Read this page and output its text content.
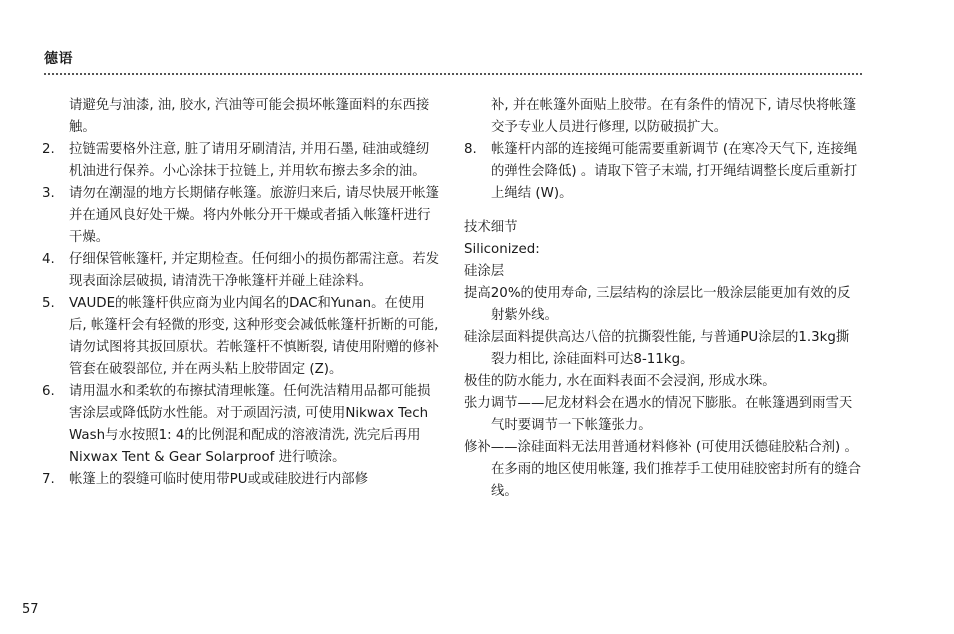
德语
请避免与油漆, 油, 胶水, 汽油等可能会损坏帐篷面料的东西接触。
2. 拉链需要格外注意, 脏了请用牙刷清洁, 并用石墨, 硅油或缝纫机油进行保养。小心涂抹于拉链上, 并用软布擦去多余的油。
3. 请勿在潮湿的地方长期储存帐篷。旅游归来后, 请尽快展开帐篷并在通风良好处干燥。将内外帐分开干燥或者插入帐篷杆进行干燥。
4. 仔细保管帐篷杆, 并定期检查。任何细小的损伤都需注意。若发现表面涂层破损, 请清洗干净帐篷杆并碰上硅涂料。
5. VAUDE的帐篷杆供应商为业内闻名的DAC和Yunan。在使用后, 帐篷杆会有轻微的形变, 这种形变会减低帐篷杆折断的可能, 请勿试图将其扳回原状。若帐篷杆不慎断裂, 请使用附赠的修补管套在破裂部位, 并在两头粘上胶带固定 (Z)。
6. 请用温水和柔软的布擦拭清理帐篷。任何洗洁精用品都可能损害涂层或降低防水性能。对于顽固污渍, 可使用Nikwax Tech Wash与水按照1: 4的比例混和配成的溶液清洗, 洗完后再用Nixwax Tent & Gear Solarproof 进行喷涂。
7. 帐篷上的裂缝可临时使用带PU或或硅胶进行内部修
补, 并在帐篷外面贴上胶带。在有条件的情况下, 请尽快将帐篷交予专业人员进行修理, 以防破损扩大。
8. 帐篷杆内部的连接绳可能需要重新调节 (在寒冷天气下, 连接绳的弹性会降低) 。请取下管子末端, 打开绳结调整长度后重新打上绳结 (W)。
技术细节
Siliconized:
硅涂层
提高20%的使用寿命, 三层结构的涂层比一般涂层能更加有效的反射紫外线。
硅涂层面料提供高达八倍的抗撕裂性能, 与普通PU涂层的1.3kg撕裂力相比, 涂硅面料可达8-11kg。
极佳的防水能力, 水在面料表面不会浸润, 形成水珠。
张力调节——尼龙材料会在遇水的情况下膨胀。在帐篷遇到雨雪天气时要调节一下帐篷张力。
修补——涂硅面料无法用普通材料修补 (可使用沃德硅胶粘合剂) 。在多雨的地区使用帐篷, 我们推荐手工使用硅胶密封所有的缝合线。
57
